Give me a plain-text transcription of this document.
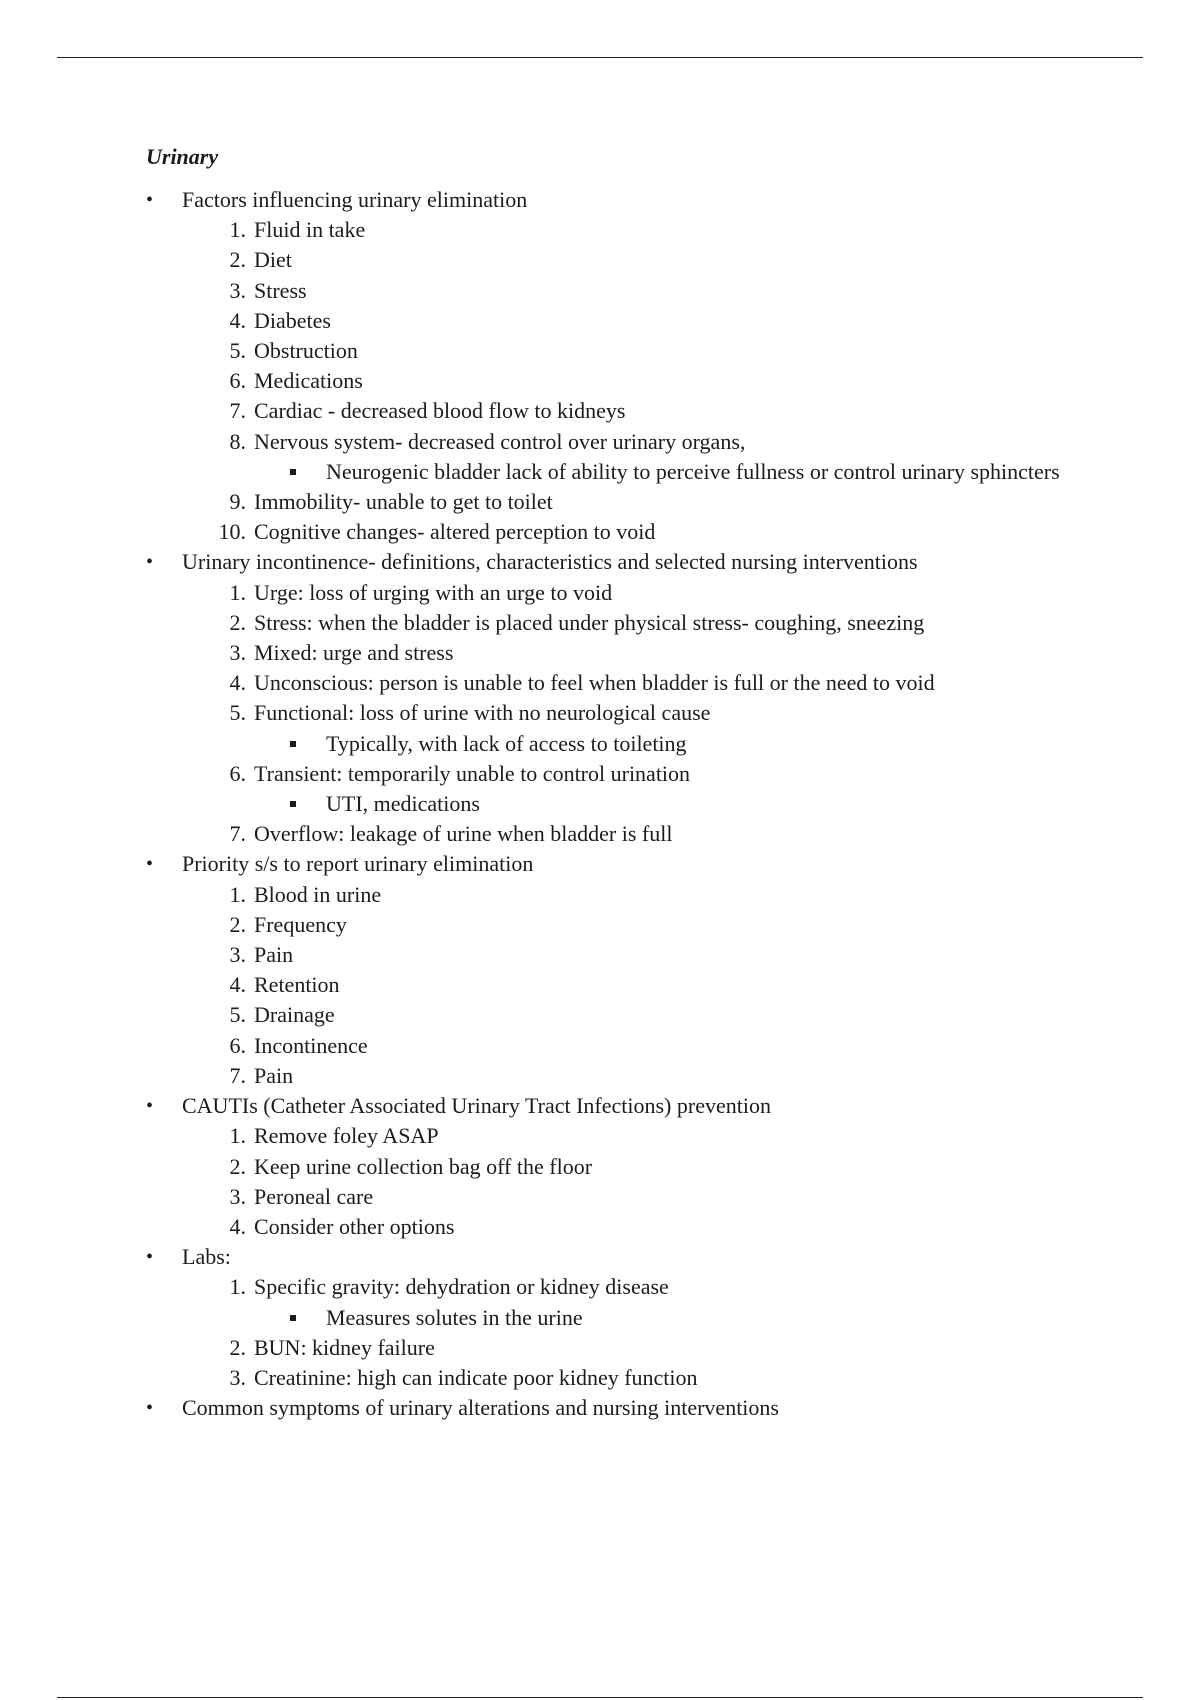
Urinary
•	Factors influencing urinary elimination
1. Fluid in take
2. Diet
3. Stress
4. Diabetes
5. Obstruction
6. Medications
7. Cardiac - decreased blood flow to kidneys
8. Nervous system- decreased control over urinary organs,
Neurogenic bladder lack of ability to perceive fullness or control urinary sphincters
9. Immobility- unable to get to toilet
10. Cognitive changes- altered perception to void
•	Urinary incontinence- definitions, characteristics and selected nursing interventions
1. Urge: loss of urging with an urge to void
2. Stress: when the bladder is placed under physical stress- coughing, sneezing
3. Mixed: urge and stress
4. Unconscious: person is unable to feel when bladder is full or the need to void
5. Functional: loss of urine with no neurological cause
Typically, with lack of access to toileting
6. Transient: temporarily unable to control urination
UTI, medications
7. Overflow: leakage of urine when bladder is full
•	Priority s/s to report urinary elimination
1. Blood in urine
2. Frequency
3. Pain
4. Retention
5. Drainage
6. Incontinence
7. Pain
•	CAUTIs (Catheter Associated Urinary Tract Infections) prevention
1. Remove foley ASAP
2. Keep urine collection bag off the floor
3. Peroneal care
4. Consider other options
•	Labs:
1. Specific gravity: dehydration or kidney disease
Measures solutes in the urine
2. BUN: kidney failure
3. Creatinine: high can indicate poor kidney function
•	Common symptoms of urinary alterations and nursing interventions
